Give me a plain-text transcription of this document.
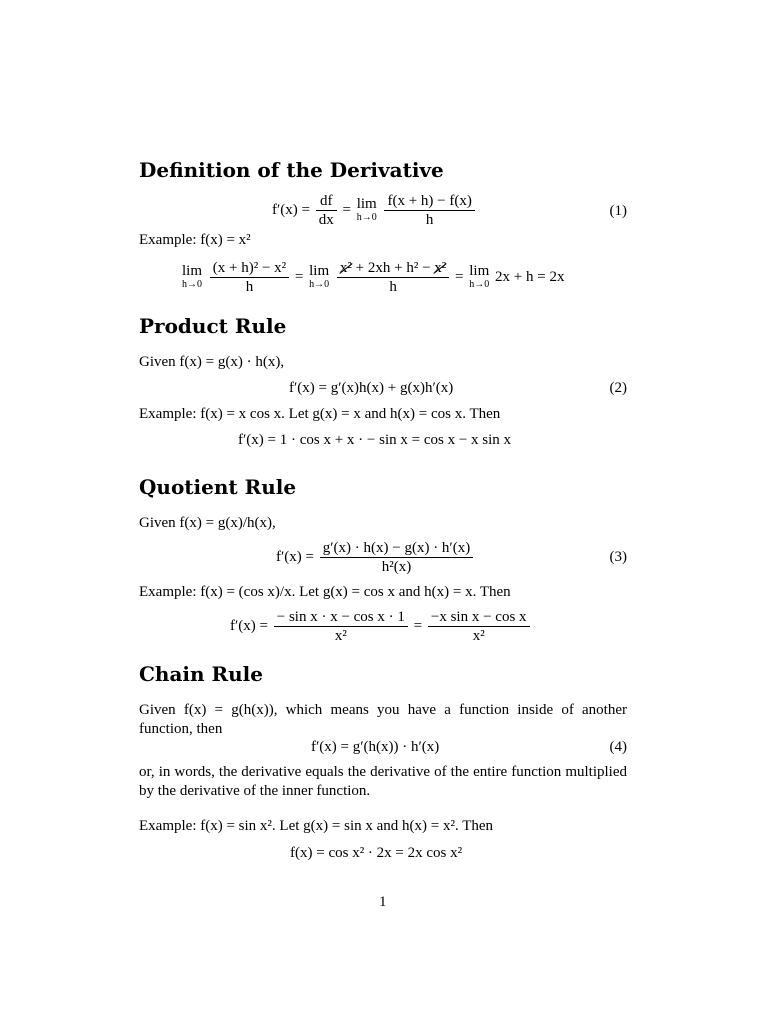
Definition of the Derivative
$f'(x) = \frac{df}{dx} = \lim$
h→0
$\frac{f(x + h) - f(x)}{h}$	(1)
Example: f(x) = x²
lim
h→0
$\frac{\text{(x + h)² − x²}}{h} = \lim$
h→0
$\frac{\text{x² + 2xh + h² − x²}}{h} = \lim$
h→0 2x + h = 2x
Product Rule
Given f(x) = g(x) · h(x),
f′(x) = g′(x)h(x) + g(x)h′(x)	(2)
Example: f(x) = x cos x. Let g(x) = x and h(x) = cos x. Then
f′(x) = 1 · cos x + x · − sin x = cos x − x sin x
Quotient Rule
Given f(x) = g(x)/h(x),
$f'(x) = \frac{g'(x) \cdot h(x) - g(x) \cdot h'(x)}{\text{h²(x)}}$	(3)
Example: f(x) = (cos x)/x. Let g(x) = cos x and h(x) = x. Then
$f'(x) = \frac{\text{− sin x · x − cos x · 1}}{\text{x²}} = \frac{\text{−x sin x − cos x}}{\text{x²}}$
Chain Rule
Given f(x) = g(h(x)), which means you have a function inside of another function, then
f′(x) = g′(h(x)) · h′(x)	(4)
or, in words, the derivative equals the derivative of the entire function multiplied by the derivative of the inner function.
Example: f(x) = sin x². Let g(x) = sin x and h(x) = x². Then
f(x) = cos x² · 2x = 2x cos x²
1
